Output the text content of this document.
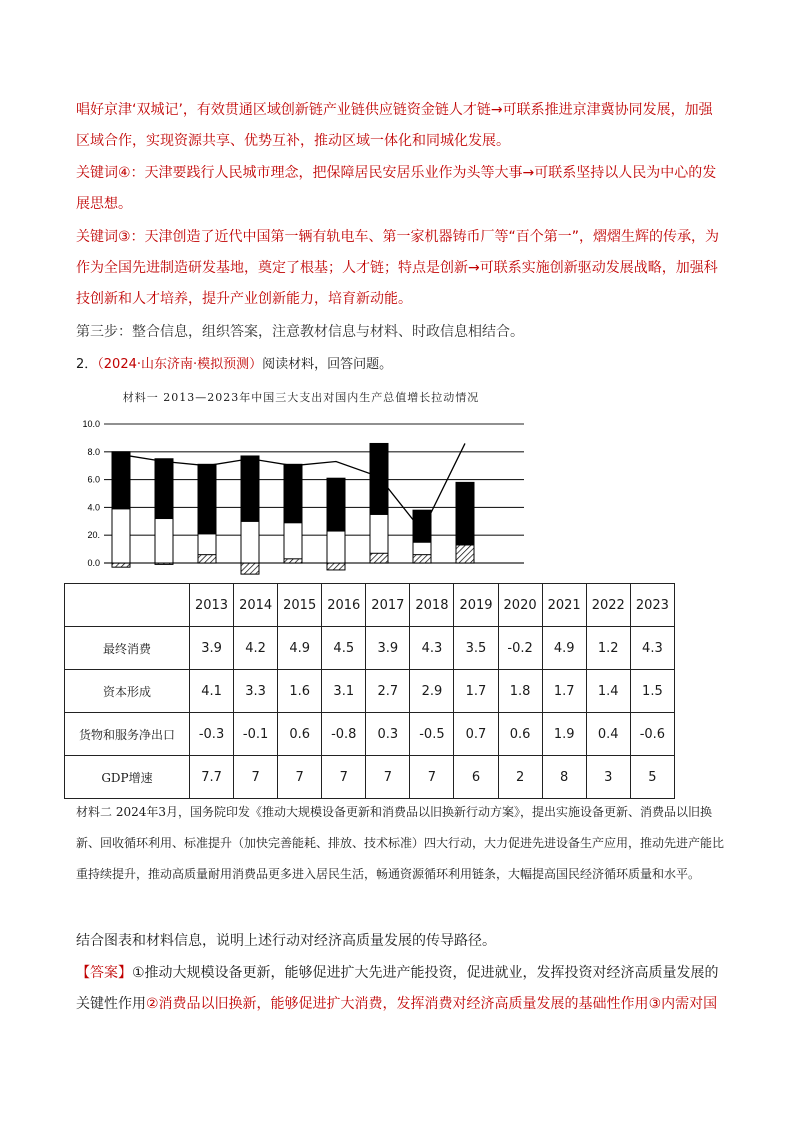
唱好京津‘双城记’，有效贯通区域创新链产业链供应链资金链人才链→可联系推进京津冀协同发展，加强区域合作，实现资源共享、优势互补，推动区域一体化和同城化发展。
关键词④：天津要践行人民城市理念，把保障居民安居乐业作为头等大事→可联系坚持以人民为中心的发展思想。
关键词③：天津创造了近代中国第一辆有轨电车、第一家机器铸币厂等“百个第一”，熠熠生辉的传承，为作为全国先进制造研发基地，奠定了根基；人才链；特点是创新→可联系实施创新驱动发展战略，加强科技创新和人才培养，提升产业创新能力，培育新动能。
第三步：整合信息，组织答案，注意教材信息与材料、时政信息相结合。
2．（2024·山东济南·模拟预测）阅读材料，回答问题。
材料一 2013—2023年中国三大支出对国内生产总值增长拉动情况
10.0
8.0
6.0
4.0
20.
0.0
	2013	2014	2015	2016	2017	2018	2019	2020	2021	2022	2023
最终消费	3.9	4.2	4.9	4.5	3.9	4.3	3.5	-0.2	4.9	1.2	4.3
资本形成	4.1	3.3	1.6	3.1	2.7	2.9	1.7	1.8	1.7	1.4	1.5
货物和服务净出口	-0.3	-0.1	0.6	-0.8	0.3	-0.5	0.7	0.6	1.9	0.4	-0.6
GDP增速	7.7	7	7	7	7	7	6	2	8	3	5
材料二 2024年3月，国务院印发《推动大规模设备更新和消费品以旧换新行动方案》，提出实施设备更新、消费品以旧换新、回收循环利用、标准提升（加快完善能耗、排放、技术标准）四大行动，大力促进先进设备生产应用，推动先进产能比重持续提升，推动高质量耐用消费品更多进入居民生活，畅通资源循环利用链条，大幅提高国民经济循环质量和水平。
结合图表和材料信息，说明上述行动对经济高质量发展的传导路径。
【答案】①推动大规模设备更新，能够促进扩大先进产能投资，促进就业，发挥投资对经济高质量发展的关键性作用②消费品以旧换新，能够促进扩大消费，发挥消费对经济高质量发展的基础性作用③内需对国
